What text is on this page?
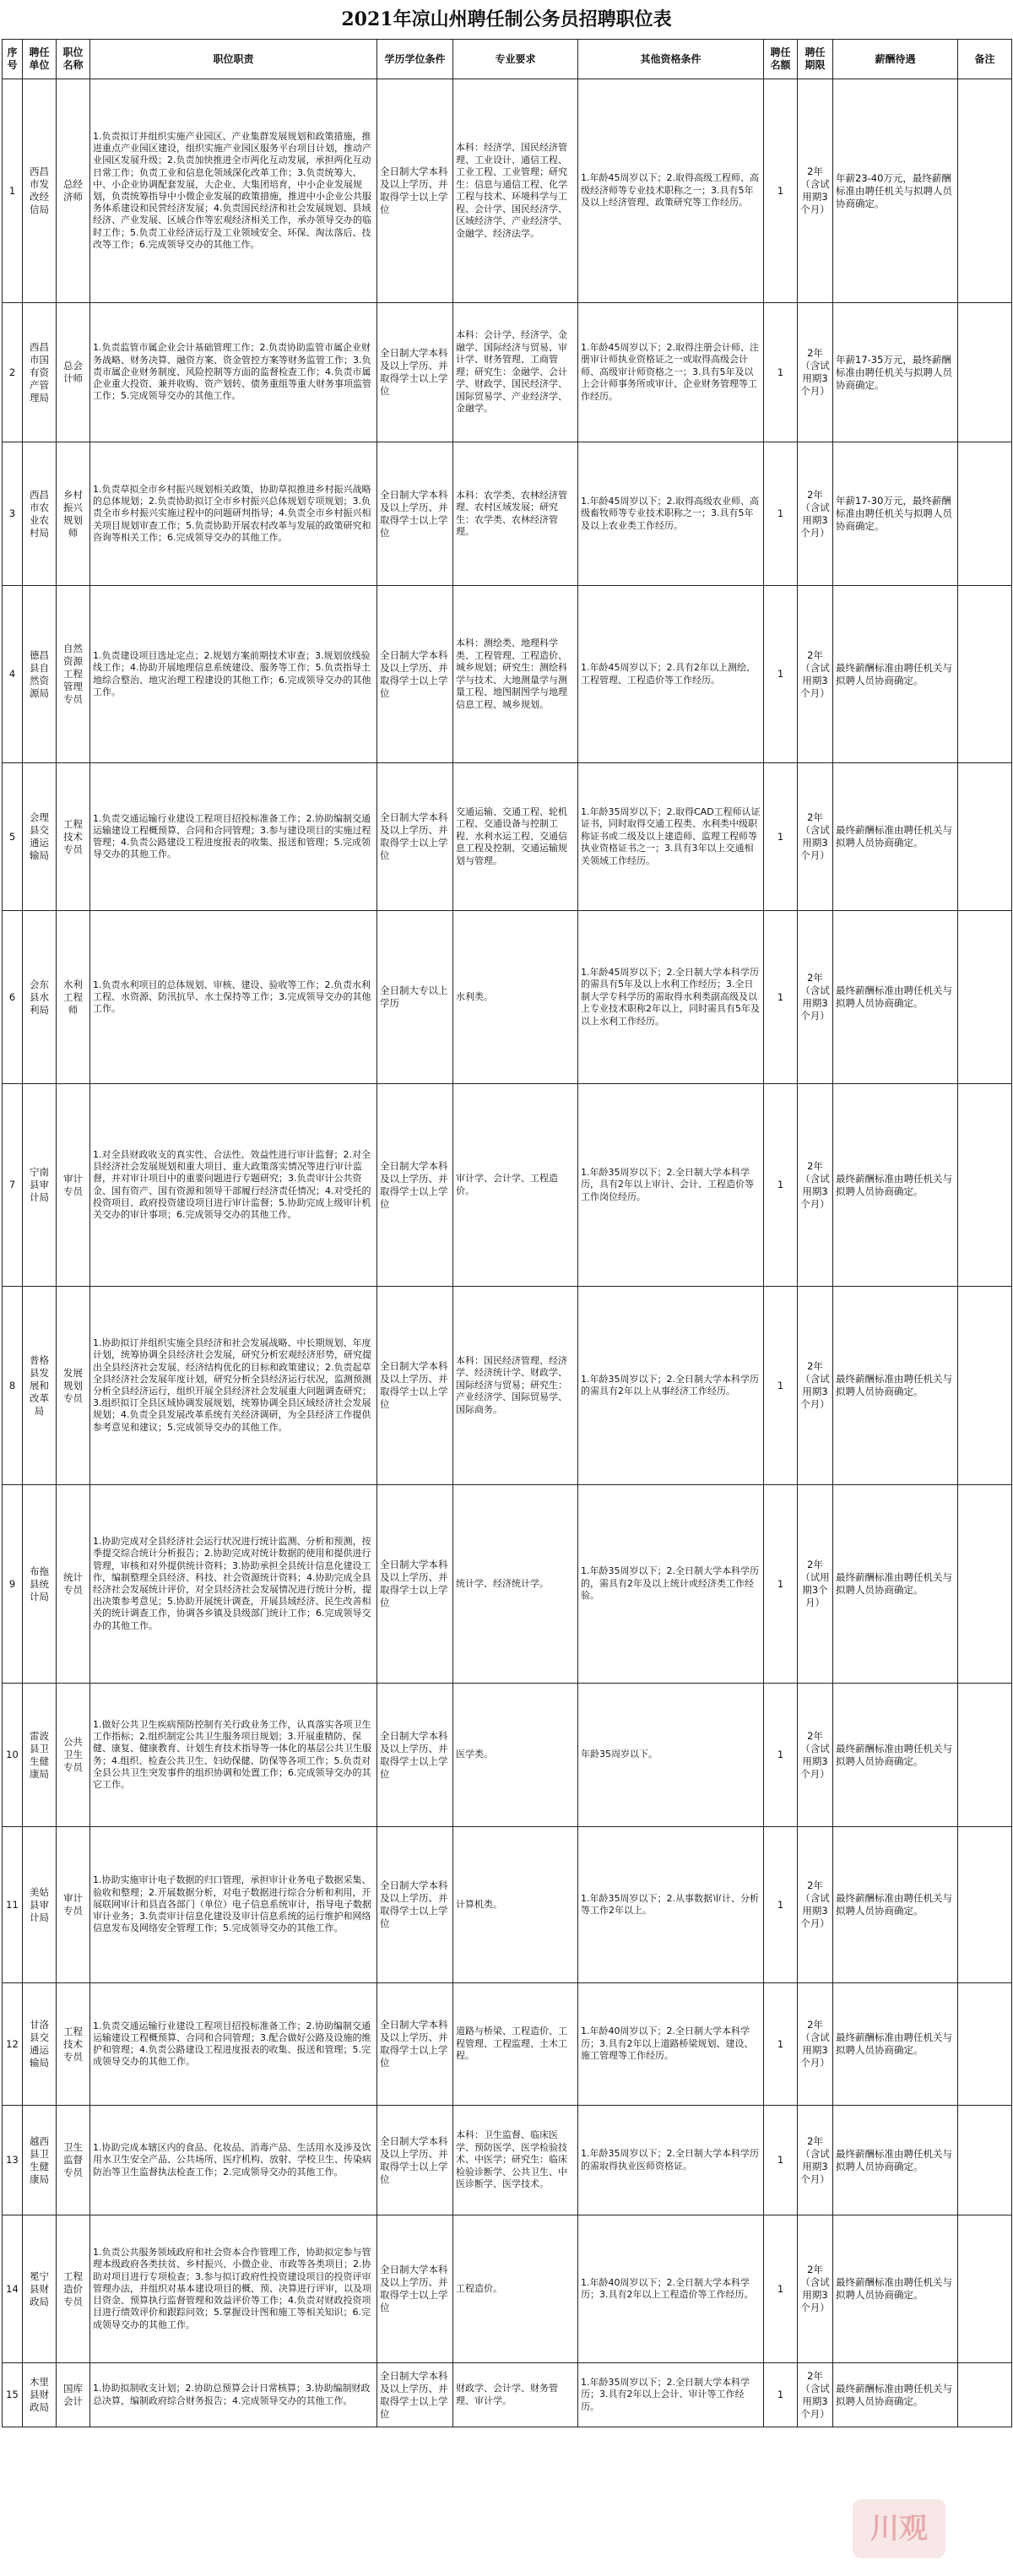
2021年凉山州聘任制公务员招聘职位表
序号	聘任单位	职位名称	职位职责	学历学位条件	专业要求	其他资格条件	聘任名额	聘任期限	薪酬待遇	备注
1	西昌市发改经信局	总经济师	1.负责拟订并组织实施产业园区、产业集群发展规划和政策措施，推进重点产业园区建设，组织实施产业园区服务平台项目计划，推动产业园区发展升级；2.负责加快推进全市两化互动发展，承担两化互动日常工作；负责工业和信息化领域深化改革工作；3.负责统筹大、中、小企业协调配套发展，大企业、大集团培育，中小企业发展规划，负责统筹指导中小微企业发展的政策措施，推进中小企业公共服务体系建设和民营经济发展；4.负责国民经济和社会发展规划、县域经济、产业发展、区域合作等宏观经济相关工作，承办领导交办的临时工作；5.负责工业经济运行及工业领域安全、环保、淘汰落后、技改等工作；6.完成领导交办的其他工作。	全日制大学本科及以上学历、并取得学士以上学位	本科：经济学、国民经济管理、工业设计、通信工程、工业工程、工业管理；研究生：信息与通信工程、化学工程与技术、环境科学与工程、会计学、国民经济学、区域经济学、产业经济学、金融学、经济法学。	1.年龄45周岁以下；2.取得高级工程师、高级经济师等专业技术职称之一；3.具有5年及以上经济管理、政策研究等工作经历。	1	2年（含试用期3个月）	年薪23-40万元，最终薪酬标准由聘任机关与拟聘人员协商确定。	
2	西昌市国有资产管理局	总会计师	1.负责监管市属企业会计基础管理工作；2.负责协助监管市属企业财务战略、财务决算、融资方案、资金管控方案等财务监管工作；3.负责市属企业财务制度、风险控制等方面的监督检查工作；4.负责市属企业重大投资、兼并收购、资产划转、债务重组等重大财务事项监管工作；5.完成领导交办的其他工作。	全日制大学本科及以上学历、并取得学士以上学位	本科：会计学、经济学、金融学、国际经济与贸易、审计学、财务管理、工商管理；研究生：金融学、会计学、财政学、国民经济学、国际贸易学、产业经济学、金融学。	1.年龄45周岁以下；2.取得注册会计师、注册审计师执业资格证之一或取得高级会计师、高级审计师资格之一；3.具有5年及以上会计师事务所或审计、企业财务管理等工作经历。	1	2年（含试用期3个月）	年薪17-35万元，最终薪酬标准由聘任机关与拟聘人员协商确定。	
3	西昌市农业农村局	乡村振兴规划师	1.负责草拟全市乡村振兴规划相关政策，协助草拟推进乡村振兴战略的总体规划；2.负责协助拟订全市乡村振兴总体规划专项规划；3.负责全市乡村振兴实施过程中的问题研判指导；4.负责全市乡村振兴相关项目规划审查工作；5.负责协助开展农村改革与发展的政策研究和咨询等相关工作；6.完成领导交办的其他工作。	全日制大学本科及以上学历、并取得学士以上学位	本科：农学类、农林经济管理、农村区域发展；研究生：农学类、农林经济管理。	1.年龄45周岁以下；2.取得高级农业师、高级畜牧师等专业技术职称之一；3.具有5年及以上农业类工作经历。	1	2年（含试用期3个月）	年薪17-30万元，最终薪酬标准由聘任机关与拟聘人员协商确定。	
4	德昌县自然资源局	自然资源工程管理专员	1.负责建设项目选址定点；2.规划方案前期技术审查；3.规划放线验线工作；4.协助开展地理信息系统建设、服务等工作；5.负责指导土地综合整治、地灾治理工程建设的其他工作；6.完成领导交办的其他工作。	全日制大学本科及以上学历、并取得学士以上学位	本科：测绘类、地理科学类、工程管理、工程造价、城乡规划；研究生：测绘科学与技术、大地测量学与测量工程、地图制图学与地理信息工程、城乡规划。	1.年龄45周岁以下；2.具有2年以上测绘、工程管理、工程造价等工作经历。	1	2年（含试用期3个月）	最终薪酬标准由聘任机关与拟聘人员协商确定。	
5	会理县交通运输局	工程技术专员	1.负责交通运输行业建设工程项目招投标准备工作；2.协助编制交通运输建设工程概预算、合同和合同管理；3.参与建设项目的实施过程管理；4.负责公路建设工程进度报表的收集、报送和管理；5.完成领导交办的其他工作。	全日制大学本科及以上学历、并取得学士以上学位	交通运输、交通工程、轮机工程、交通设备与控制工程、水利水运工程、交通信息工程及控制、交通运输规划与管理。	1.年龄35周岁以下；2.取得CAD工程师认证证书，同时取得交通工程类、水利类中级职称证书或二级及以上建造师、监理工程师等执业资格证书之一；3.具有3年以上交通相关领域工作经历。	1	2年（含试用期3个月）	最终薪酬标准由聘任机关与拟聘人员协商确定。	
6	会东县水利局	水利工程师	1.负责水利项目的总体规划、审核、建设、验收等工作；2.负责水利工程、水资源、防汛抗旱、水土保持等工作；3.完成领导交办的其他工作。	全日制大专以上学历	水利类。	1.年龄45周岁以下；2.全日制大学本科学历的需具有5年及以上水利工作经历；3.全日制大学专科学历的需取得水利类副高级及以上专业技术职称2年以上，同时需具有5年及以上水利工作经历。	1	2年（含试用期3个月）	最终薪酬标准由聘任机关与拟聘人员协商确定。	
7	宁南县审计局	审计专员	1.对全县财政收支的真实性、合法性、效益性进行审计监督；2.对全县经济社会发展规划和重大项目、重大政策落实情况等进行审计监督，并对审计项目中的重要问题进行专题研究；3.负责审计公共资金、国有资产、国有资源和领导干部履行经济责任情况；4.对受托的投资项目、政府投资建设项目进行审计监督；5.协助完成上级审计机关交办的审计事项；6.完成领导交办的其他工作。	全日制大学本科及以上学历、并取得学士以上学位	审计学、会计学、工程造价。	1.年龄35周岁以下；2.全日制大学本科学历，具有2年以上审计、会计、工程造价等工作岗位经历。	1	2年（含试用期3个月）	最终薪酬标准由聘任机关与拟聘人员协商确定。	
8	普格县发展和改革局	发展规划专员	1.协助拟订并组织实施全县经济和社会发展战略、中长期规划、年度计划，统筹协调全县经济社会发展，研究分析宏观经济形势，研究提出全县经济社会发展、经济结构优化的目标和政策建议；2.负责起草全县经济社会发展年度计划，研究分析全县经济运行状况，监测预测分析全县经济运行，组织开展全县经济社会发展重大问题调查研究；3.组织拟订全县区域协调发展规划，统筹协调全县区域经济社会发展规划；4.负责全县发展改革系统有关经济调研，为全县经济工作提供参考意见和建议；5.完成领导交办的其他工作。	全日制大学本科及以上学历、并取得学士以上学位	本科：国民经济管理、经济学、经济统计学、财政学、国际经济与贸易；研究生：产业经济学、国际贸易学、国际商务。	1.年龄35周岁以下；2.全日制大学本科学历的需具有2年以上从事经济工作经历。	1	2年（含试用期3个月）	最终薪酬标准由聘任机关与拟聘人员协商确定。	
9	布拖县统计局	统计专员	1.协助完成对全县经济社会运行状况进行统计监测、分析和预测，按季提交综合统计分析报告；2.协助完成对统计数据的使用和提供进行管理，审核和对外提供统计资料；3.协助承担全县统计信息化建设工作，编制整理全县经济、科技、社会资源统计资料；4.协助完成全县经济社会发展统计评价，对全县经济社会发展情况进行统计分析，提出决策参考意见；5.协助开展统计调查，开展县域经济、民生改善相关的统计调查工作，协调各乡镇及县级部门统计工作；6.完成领导交办的其他工作。	全日制大学本科及以上学历、并取得学士以上学位	统计学、经济统计学。	1.年龄35周岁以下；2.全日制大学本科学历的，需具有2年及以上统计或经济类工作经验。	1	2年（试用期3个月）	最终薪酬标准由聘任机关与拟聘人员协商确定。	
10	雷波县卫生健康局	公共卫生专员	1.做好公共卫生疾病预防控制有关行政业务工作，认真落实各项卫生工作指标；2.组织制定公共卫生服务项目规划；3.开展重精防、保健、康复、健康教育、计划生育技术指导等一体化的基层公共卫生服务；4.组织、检查公共卫生、妇幼保健、防保等各项工作；5.负责对全县公共卫生突发事件的组织协调和处置工作；6.完成领导交办的其它工作。	全日制大学本科及以上学历、并取得学士以上学位	医学类。	年龄35周岁以下。	1	2年（含试用期3个月）	最终薪酬标准由聘任机关与拟聘人员协商确定。	
11	美姑县审计局	审计专员	1.协助实施审计电子数据的归口管理，承担审计业务电子数据采集、验收和整理；2.开展数据分析，对电子数据进行综合分析和利用，开展联网审计和县直各部门（单位）电子信息系统审计，指导电子数据审计业务；3.负责审计信息化建设及审计信息系统的运行维护和网络信息发布及网络安全管理工作；5.完成领导交办的其他工作。	全日制大学本科及以上学历、并取得学士以上学位	计算机类。	1.年龄35周岁以下；2.从事数据审计、分析等工作2年以上。	1	2年（含试用期3个月）	最终薪酬标准由聘任机关与拟聘人员协商确定。	
12	甘洛县交通运输局	工程技术专员	1.负责交通运输行业建设工程项目招投标准备工作；2.协助编制交通运输建设工程概预算、合同和合同管理；3.配合做好公路及设施的维护和管理；4.负责公路建设工程进度报表的收集、报送和管理；5.完成领导交办的其他工作。	全日制大学本科及以上学历、并取得学士以上学位	道路与桥梁、工程造价、工程管理、工程监理、土木工程。	1.年龄40周岁以下；2.全日制大学本科学历；3.具有2年以上道路桥梁规划、建设、施工管理等工作经历。	1	2年（含试用期3个月）	最终薪酬标准由聘任机关与拟聘人员协商确定。	
13	越西县卫生健康局	卫生监督专员	1.协助完成本辖区内的食品、化妆品、消毒产品、生活用水及涉及饮用水卫生安全产品、公共场所、医疗机构、放射、学校卫生、传染病防治等卫生监督执法检查工作；2.完成领导交办的其他工作。	全日制大学本科及以上学历、并取得学士以上学位	本科：卫生监督、临床医学、预防医学、医学检验技术、中医学；研究生：临床检验诊断学、公共卫生、中医诊断学、医学技术。	1.年龄35周岁以下；2.全日制大学本科学历的需取得执业医师资格证。	1	2年（含试用期3个月）	最终薪酬标准由聘任机关与拟聘人员协商确定。	
14	冕宁县财政局	工程造价专员	1.负责公共服务领域政府和社会资本合作管理工作，协助拟定参与管理本级政府各类扶贫、乡村振兴、小微企业、市政等各类项目；2.协助对项目进行专项检查；3.参与拟订政府性投资建设项目的投资评审管理办法，并组织对基本建设项目的概、预、决算进行评审，以及项目资金、预算执行监督管理和效益评价等工作；4.负责对财政投资项目进行绩效评价和跟踪问效；5.掌握设计图和施工等相关知识；6.完成领导交办的其他工作。	全日制大学本科及以上学历、并取得学士以上学位	工程造价。	1.年龄40周岁以下；2.全日制大学本科学历；3.具有2年以上工程造价等工作经历。	1	2年（含试用期3个月）	最终薪酬标准由聘任机关与拟聘人员协商确定。	
15	木里县财政局	国库会计	1.协助拟制收支计划；2.协助总预算会计日常核算；3.协助编制财政总决算，编制政府综合财务报告；4.完成领导交办的其他工作。	全日制大学本科及以上学历、并取得学士以上学位	财政学、会计学、财务管理、审计学。	1.年龄35周岁以下；2.全日制大学本科学历；3.具有2年以上会计、审计等工作经历。	1	2年（含试用期3个月）	最终薪酬标准由聘任机关与拟聘人员协商确定。	
川观
